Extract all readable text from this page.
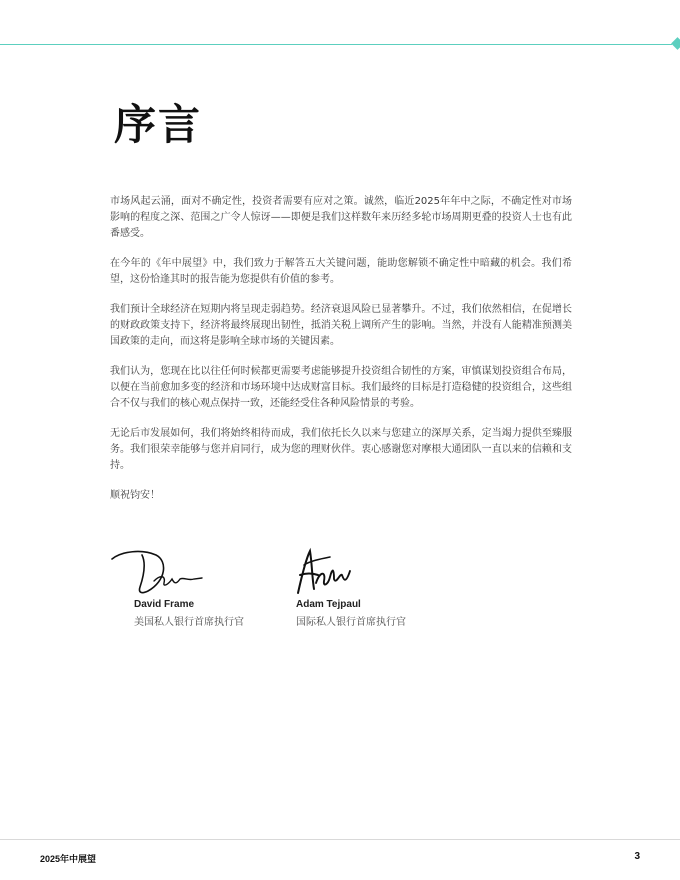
序言

市场风起云涌，面对不确定性，投资者需要有应对之策。诚然，临近2025年年中之际，不确定性对市场影响的程度之深、范围之广令人惊讶——即便是我们这样数年来历经多轮市场周期更叠的投资人士也有此番感受。

在今年的《年中展望》中，我们致力于解答五大关键问题，能助您解锁不确定性中暗藏的机会。我们希望，这份恰逢其时的报告能为您提供有价值的参考。

我们预计全球经济在短期内将呈现走弱趋势。经济衰退风险已显著攀升。不过，我们依然相信，在促增长的财政政策支持下，经济将最终展现出韧性，抵消关税上调所产生的影响。当然，并没有人能精准预测美国政策的走向，而这将是影响全球市场的关键因素。

我们认为，您现在比以往任何时候都更需要考虑能够提升投资组合韧性的方案，审慎谋划投资组合布局，以便在当前愈加多变的经济和市场环境中达成财富目标。我们最终的目标是打造稳健的投资组合，这些组合不仅与我们的核心观点保持一致，还能经受住各种风险情景的考验。

无论后市发展如何，我们将始终相待而成，我们依托长久以来与您建立的深厚关系，定当竭力提供至臻服务。我们很荣幸能够与您并肩同行，成为您的理财伙伴。衷心感谢您对摩根大通团队一直以来的信赖和支持。

顺祝钧安！

David Frame
美国私人银行首席执行官
Adam Tejpaul
国际私人银行首席执行官
2025年中展望	3
